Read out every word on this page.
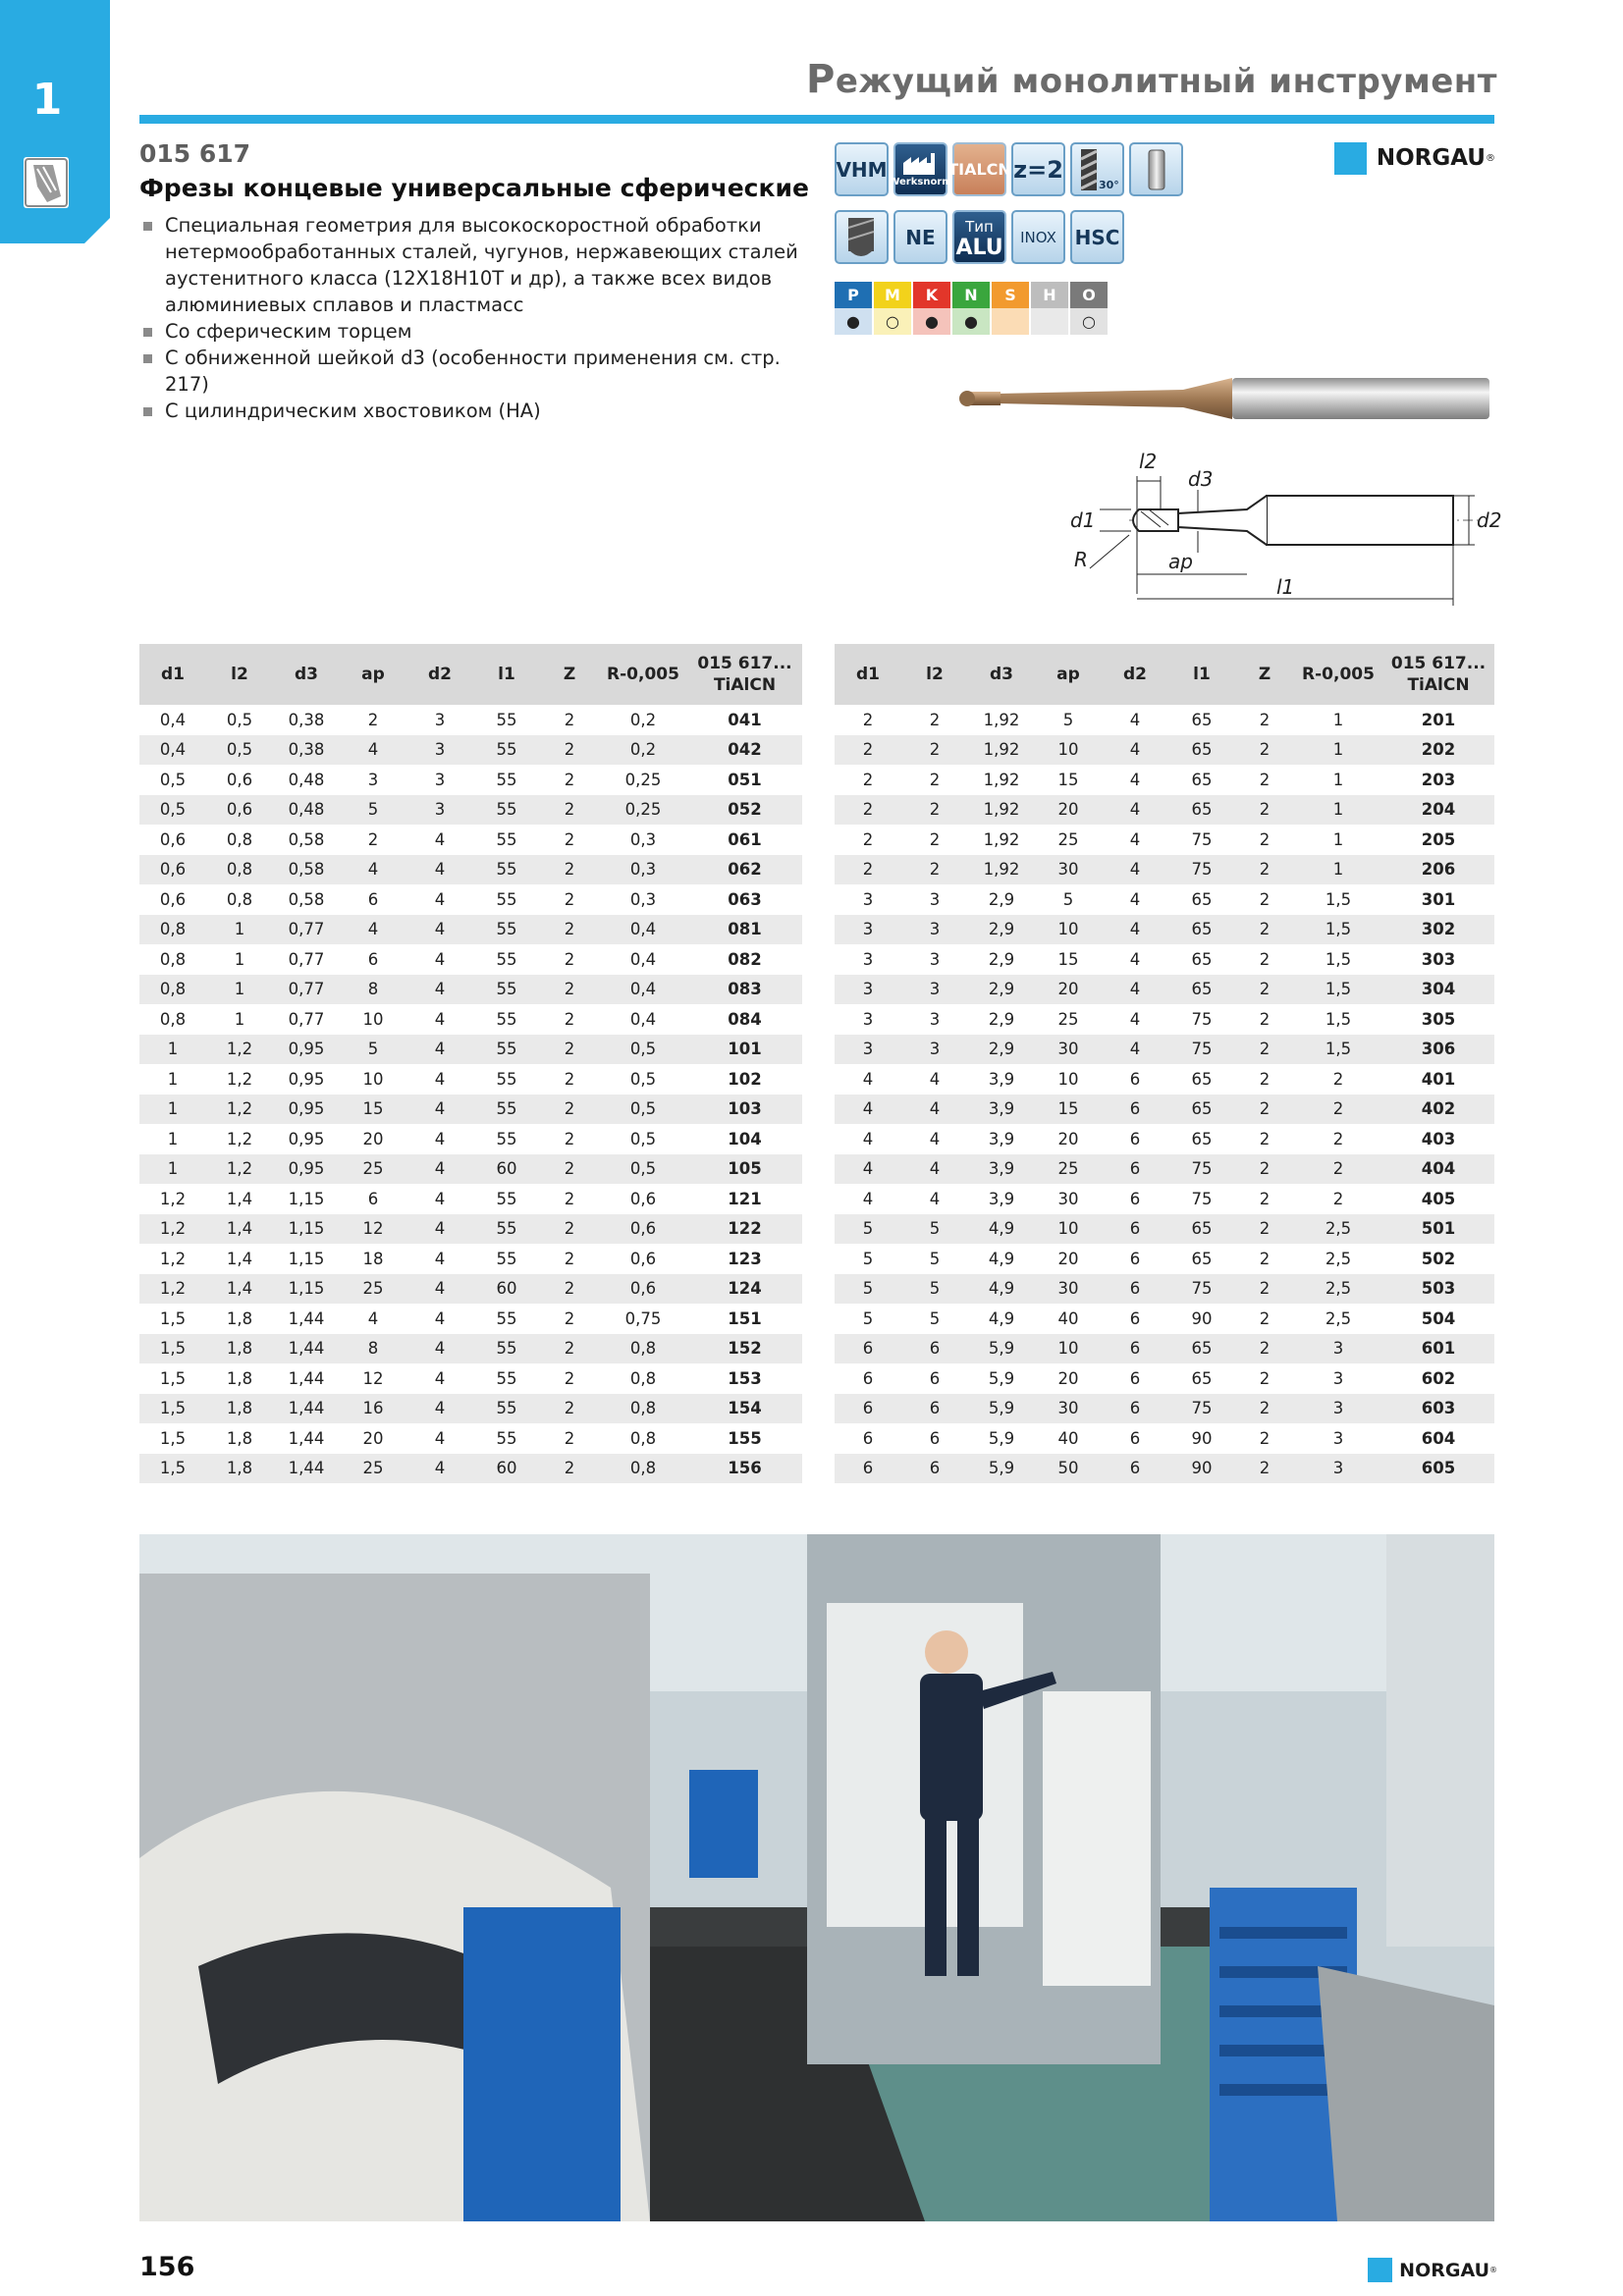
1	Режущий монолитный инструмент
015 617
Фрезы концевые универсальные сферические
Специальная геометрия для высокоскоростной обработки нетермообработанных сталей, чугунов, нержавеющих сталей аустенитного класса (12Х18Н10Т и др), а также всех видов алюминиевых сплавов и пластмасс
Со сферическим торцем
С обниженной шейкой d3 (особенности применения см. стр. 217)
С цилиндрическим хвостовиком (HA)
VHM
Werksnorm
TIALCN z=2
30°
NE Тип
ALU INOX HSC
NORGAU ®
P
●
M
○
K
●
N
●
S	H	O
○
l2
d3
d1	d2
R	ap
l1
d1	l2	d3	ap	d2	l1	Z	R-0,005	015 617...
TiAlCN

0,4	0,5	0,38	2	3	55	2	0,2	041
0,4	0,5	0,38	4	3	55	2	0,2	042
0,5	0,6	0,48	3	3	55	2	0,25	051
0,5	0,6	0,48	5	3	55	2	0,25	052
0,6	0,8	0,58	2	4	55	2	0,3	061
0,6	0,8	0,58	4	4	55	2	0,3	062
0,6	0,8	0,58	6	4	55	2	0,3	063
0,8	1	0,77	4	4	55	2	0,4	081
0,8	1	0,77	6	4	55	2	0,4	082
0,8	1	0,77	8	4	55	2	0,4	083
0,8	1	0,77	10	4	55	2	0,4	084
1	1,2	0,95	5	4	55	2	0,5	101
1	1,2	0,95	10	4	55	2	0,5	102
1	1,2	0,95	15	4	55	2	0,5	103
1	1,2	0,95	20	4	55	2	0,5	104
1	1,2	0,95	25	4	60	2	0,5	105
1,2	1,4	1,15	6	4	55	2	0,6	121
1,2	1,4	1,15	12	4	55	2	0,6	122
1,2	1,4	1,15	18	4	55	2	0,6	123
1,2	1,4	1,15	25	4	60	2	0,6	124
1,5	1,8	1,44	4	4	55	2	0,75	151
1,5	1,8	1,44	8	4	55	2	0,8	152
1,5	1,8	1,44	12	4	55	2	0,8	153
1,5	1,8	1,44	16	4	55	2	0,8	154
1,5	1,8	1,44	20	4	55	2	0,8	155
1,5	1,8	1,44	25	4	60	2	0,8	156
d1	l2	d3	ap	d2	l1	Z	R-0,005	015 617...
TiAlCN

2	2	1,92	5	4	65	2	1	201
2	2	1,92	10	4	65	2	1	202
2	2	1,92	15	4	65	2	1	203
2	2	1,92	20	4	65	2	1	204
2	2	1,92	25	4	75	2	1	205
2	2	1,92	30	4	75	2	1	206
3	3	2,9	5	4	65	2	1,5	301
3	3	2,9	10	4	65	2	1,5	302
3	3	2,9	15	4	65	2	1,5	303
3	3	2,9	20	4	65	2	1,5	304
3	3	2,9	25	4	75	2	1,5	305
3	3	2,9	30	4	75	2	1,5	306
4	4	3,9	10	6	65	2	2	401
4	4	3,9	15	6	65	2	2	402
4	4	3,9	20	6	65	2	2	403
4	4	3,9	25	6	75	2	2	404
4	4	3,9	30	6	75	2	2	405
5	5	4,9	10	6	65	2	2,5	501
5	5	4,9	20	6	65	2	2,5	502
5	5	4,9	30	6	75	2	2,5	503
5	5	4,9	40	6	90	2	2,5	504
6	6	5,9	10	6	65	2	3	601
6	6	5,9	20	6	65	2	3	602
6	6	5,9	30	6	75	2	3	603
6	6	5,9	40	6	90	2	3	604
6	6	5,9	50	6	90	2	3	605
156	NORGAU ®
